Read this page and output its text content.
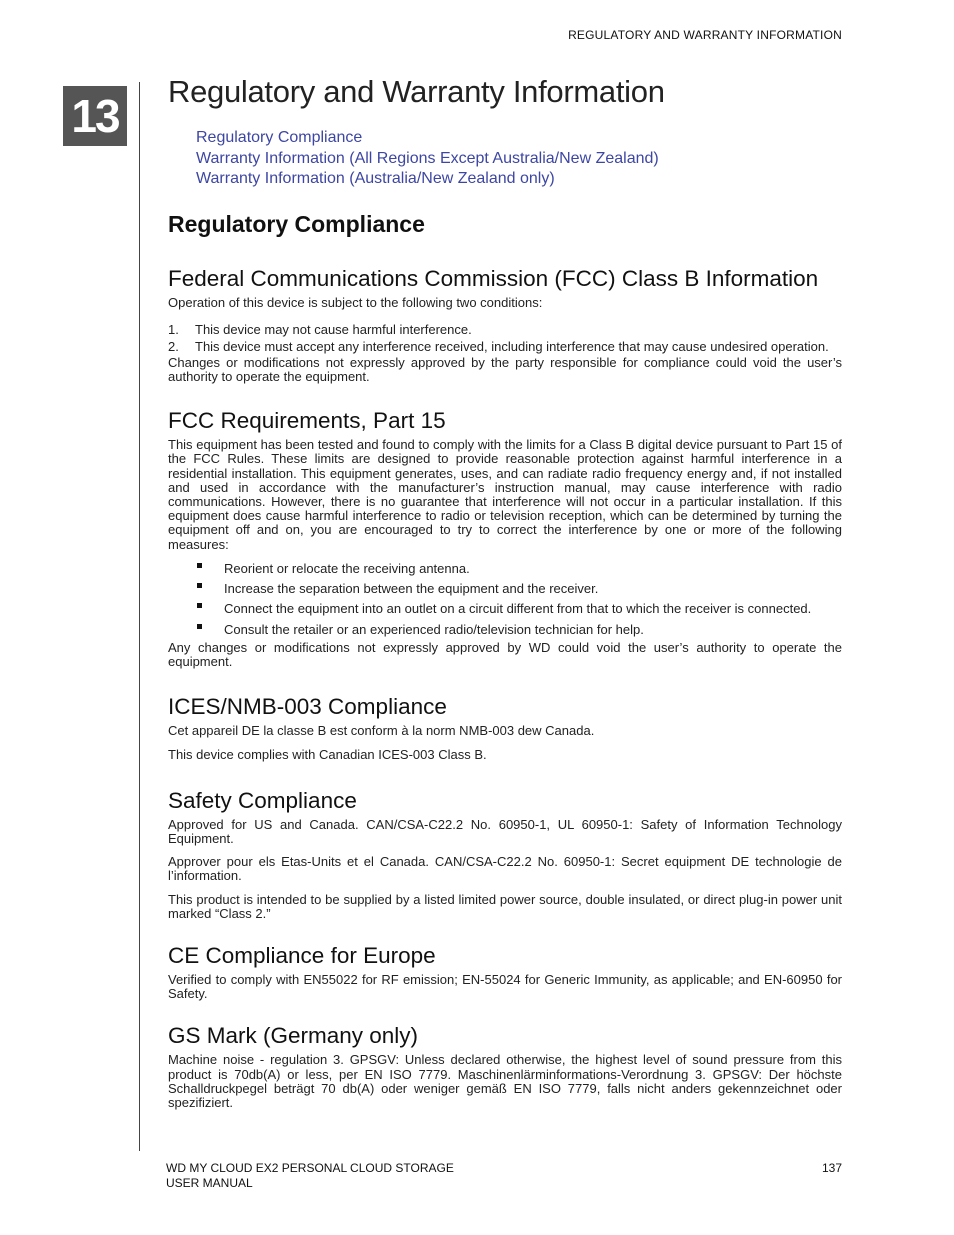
REGULATORY AND WARRANTY INFORMATION
13 Regulatory and Warranty Information
Regulatory Compliance
Warranty Information (All Regions Except Australia/New Zealand)
Warranty Information (Australia/New Zealand only)
Regulatory Compliance
Federal Communications Commission (FCC) Class B Information

Operation of this device is subject to the following two conditions:

1. This device may not cause harmful interference.
2. This device must accept any interference received, including interference that may cause undesired operation.

Changes or modifications not expressly approved by the party responsible for compliance could void the user’s authority to operate the equipment.

FCC Requirements, Part 15

This equipment has been tested and found to comply with the limits for a Class B digital device pursuant to Part 15 of the FCC Rules. These limits are designed to provide reasonable protection against harmful interference in a residential installation. This equipment generates, uses, and can radiate radio frequency energy and, if not installed and used in accordance with the manufacturer’s instruction manual, may cause interference with radio communications. However, there is no guarantee that interference will not occur in a particular installation. If this equipment does cause harmful interference to radio or television reception, which can be determined by turning the equipment off and on, you are encouraged to try to correct the interference by one or more of the following measures:

Reorient or relocate the receiving antenna.
Increase the separation between the equipment and the receiver.
Connect the equipment into an outlet on a circuit different from that to which the receiver is connected.
Consult the retailer or an experienced radio/television technician for help.

Any changes or modifications not expressly approved by WD could void the user’s authority to operate the equipment.

ICES/NMB-003 Compliance

Cet appareil DE la classe B est conform à la norm NMB-003 dew Canada.

This device complies with Canadian ICES-003 Class B.

Safety Compliance

Approved for US and Canada. CAN/CSA-C22.2 No. 60950-1, UL 60950-1: Safety of Information Technology Equipment.

Approver pour els Etas-Units et el Canada. CAN/CSA-C22.2 No. 60950-1: Secret equipment DE technologie de l’information.

This product is intended to be supplied by a listed limited power source, double insulated, or direct plug-in power unit marked “Class 2.”

CE Compliance for Europe

Verified to comply with EN55022 for RF emission; EN-55024 for Generic Immunity, as applicable; and EN-60950 for Safety.

GS Mark (Germany only)

Machine noise - regulation 3. GPSGV: Unless declared otherwise, the highest level of sound pressure from this product is 70db(A) or less, per EN ISO 7779. Maschinenlärminformations-Verordnung 3. GPSGV: Der höchste Schalldruckpegel beträgt 70 db(A) oder weniger gemäß EN ISO 7779, falls nicht anders gekennzeichnet oder spezifiziert.

WD MY CLOUD EX2 PERSONAL CLOUD STORAGE
USER MANUAL
137
